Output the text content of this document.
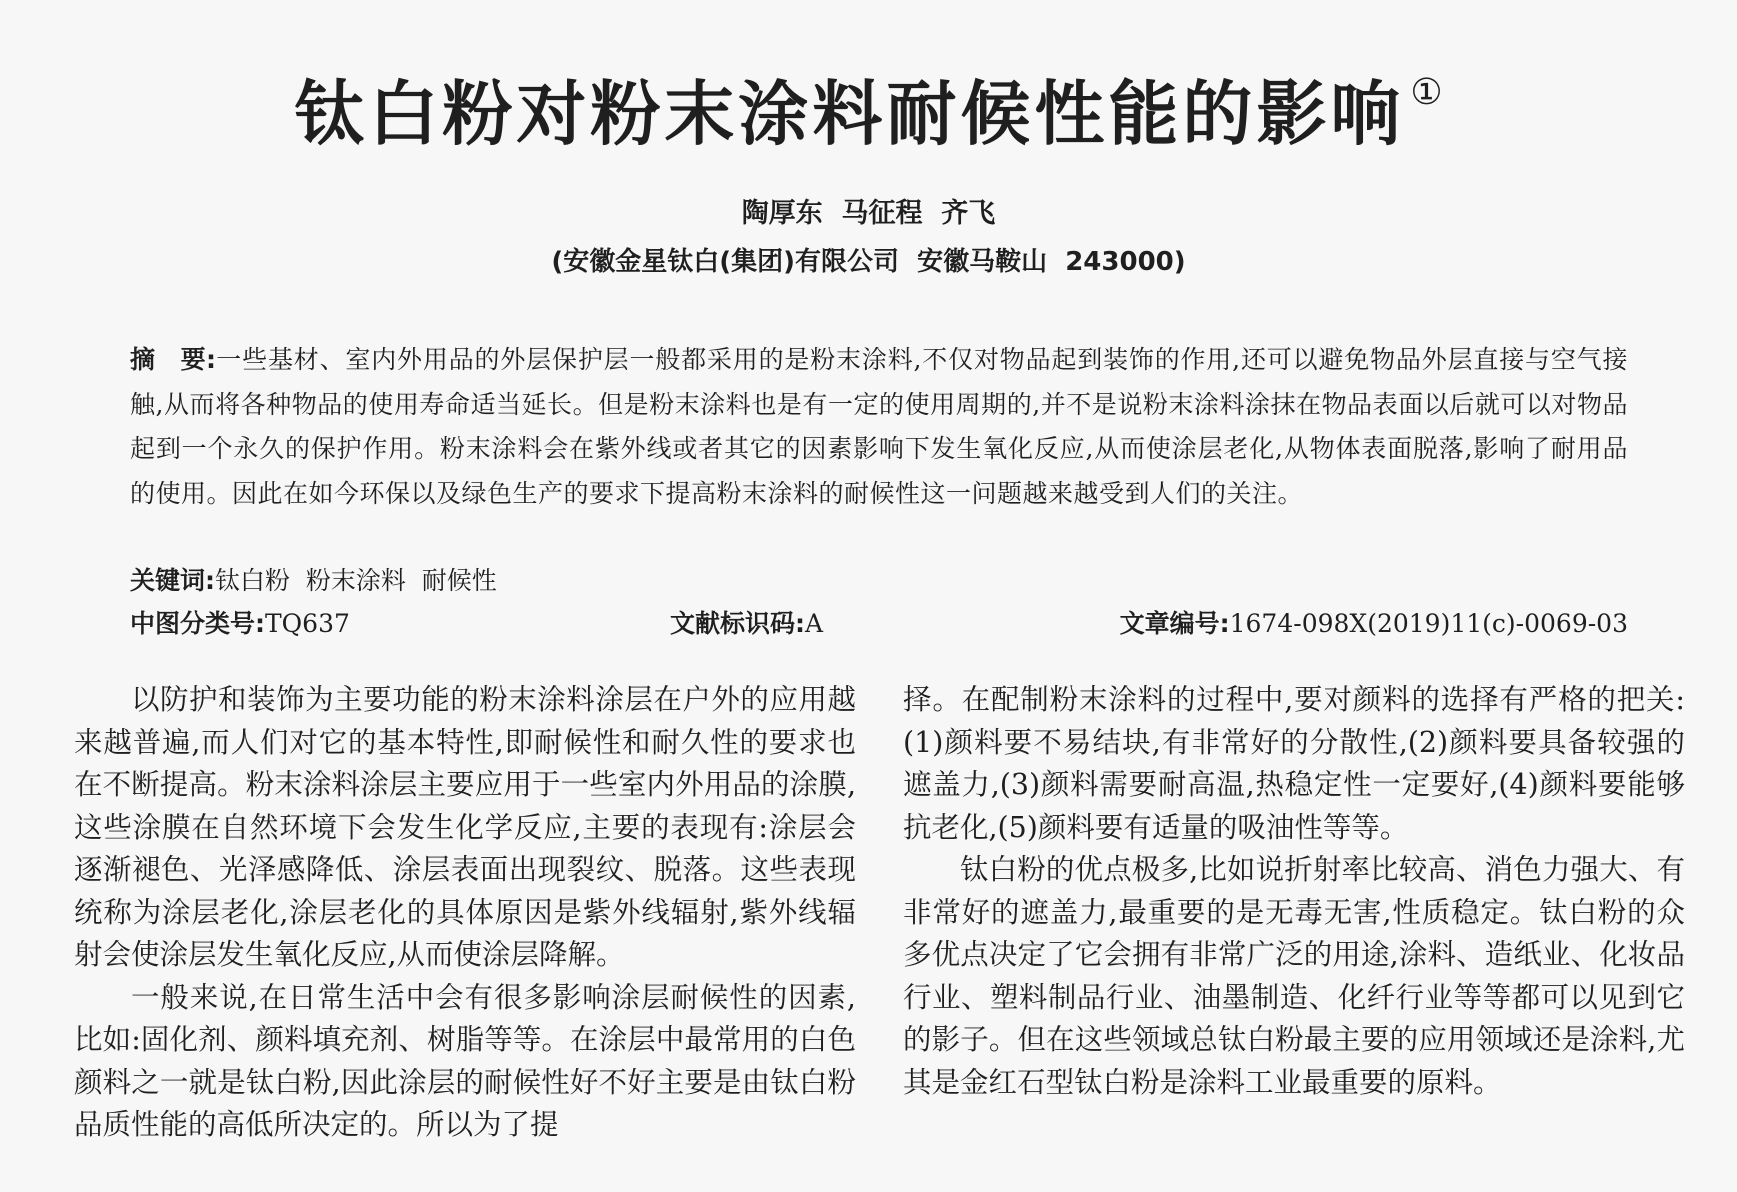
钛白粉对粉末涂料耐候性能的影响 ①
陶厚东  马征程  齐飞
(安徽金星钛白(集团)有限公司  安徽马鞍山  243000)
摘　要:一些基材、室内外用品的外层保护层一般都采用的是粉末涂料,不仅对物品起到装饰的作用,还可以避免物品外层直接与空气接触,从而将各种物品的使用寿命适当延长。但是粉末涂料也是有一定的使用周期的,并不是说粉末涂料涂抹在物品表面以后就可以对物品起到一个永久的保护作用。粉末涂料会在紫外线或者其它的因素影响下发生氧化反应,从而使涂层老化,从物体表面脱落,影响了耐用品的使用。因此在如今环保以及绿色生产的要求下提高粉末涂料的耐候性这一问题越来越受到人们的关注。
关键词:钛白粉  粉末涂料  耐候性

中图分类号:TQ637

	文献标识码:A

	文章编号:1674-098X(2019)11(c)-0069-03

以防护和装饰为主要功能的粉末涂料涂层在户外的应用越来越普遍,而人们对它的基本特性,即耐候性和耐久性的要求也在不断提高。粉末涂料涂层主要应用于一些室内外用品的涂膜,这些涂膜在自然环境下会发生化学反应,主要的表现有:涂层会逐渐褪色、光泽感降低、涂层表面出现裂纹、脱落。这些表现统称为涂层老化,涂层老化的具体原因是紫外线辐射,紫外线辐射会使涂层发生氧化反应,从而使涂层降解。

一般来说,在日常生活中会有很多影响涂层耐候性的因素,比如:固化剂、颜料填充剂、树脂等等。在涂层中最常用的白色颜料之一就是钛白粉,因此涂层的耐候性好不好主要是由钛白粉品质性能的高低所决定的。所以为了提

择。在配制粉末涂料的过程中,要对颜料的选择有严格的把关:(1)颜料要不易结块,有非常好的分散性,(2)颜料要具备较强的遮盖力,(3)颜料需要耐高温,热稳定性一定要好,(4)颜料要能够抗老化,(5)颜料要有适量的吸油性等等。

钛白粉的优点极多,比如说折射率比较高、消色力强大、有非常好的遮盖力,最重要的是无毒无害,性质稳定。钛白粉的众多优点决定了它会拥有非常广泛的用途,涂料、造纸业、化妆品行业、塑料制品行业、油墨制造、化纤行业等等都可以见到它的影子。但在这些领域总钛白粉最主要的应用领域还是涂料,尤其是金红石型钛白粉是涂料工业最重要的原料。
